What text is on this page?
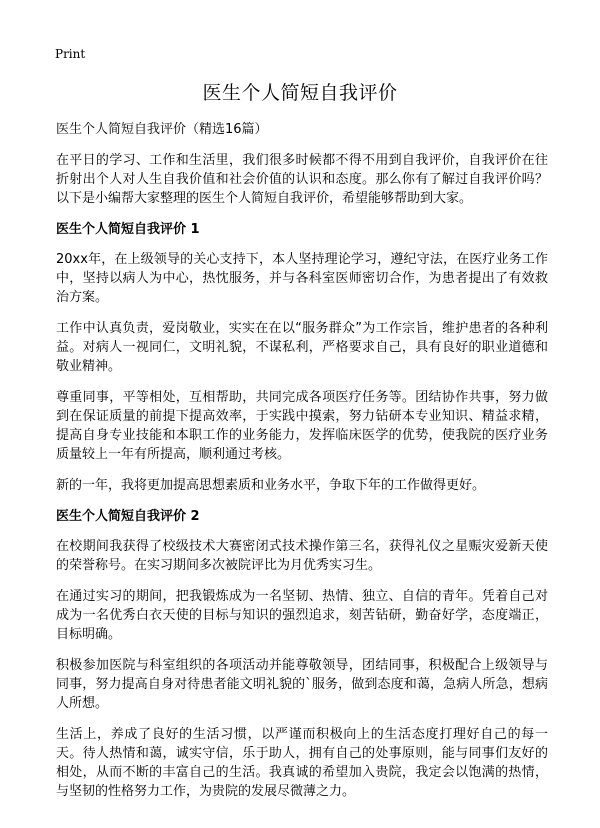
Print
医生个人简短自我评价
医生个人简短自我评价（精选16篇）

在平日的学习、工作和生活里，我们很多时候都不得不用到自我评价，自我评价在往折射出个人对人生自我价值和社会价值的认识和态度。那么你有了解过自我评价吗？以下是小编帮大家整理的医生个人简短自我评价，希望能够帮助到大家。

医生个人简短自我评价 1

20xx年，在上级领导的关心支持下，本人坚持理论学习，遵纪守法，在医疗业务工作中，坚持以病人为中心，热忱服务，并与各科室医师密切合作，为患者提出了有效救治方案。

工作中认真负责，爱岗敬业，实实在在以“服务群众”为工作宗旨，维护患者的各种利益。对病人一视同仁，文明礼貌，不谋私利，严格要求自己，具有良好的职业道德和敬业精神。

尊重同事，平等相处，互相帮助，共同完成各项医疗任务等。团结协作共事，努力做到在保证质量的前提下提高效率，于实践中摸索，努力钻研本专业知识、精益求精，提高自身专业技能和本职工作的业务能力，发挥临床医学的优势，使我院的医疗业务质量较上一年有所提高，顺利通过考核。

新的一年，我将更加提高思想素质和业务水平，争取下年的工作做得更好。

医生个人简短自我评价 2

在校期间我获得了校级技术大赛密闭式技术操作第三名，获得礼仪之星赈灾爱新天使的荣誉称号。在实习期间多次被院评比为月优秀实习生。

在通过实习的期间，把我锻炼成为一名坚韧、热情、独立、自信的青年。凭着自己对成为一名优秀白衣天使的目标与知识的强烈追求，刻苦钻研，勤奋好学，态度端正，目标明确。

积极参加医院与科室组织的各项活动并能尊敬领导，团结同事，积极配合上级领导与同事，努力提高自身对待患者能文明礼貌的`服务，做到态度和蔼，急病人所急，想病人所想。

生活上，养成了良好的生活习惯，以严谨而积极向上的生活态度打理好自己的每一天。待人热情和蔼，诚实守信，乐于助人，拥有自己的处事原则，能与同事们友好的相处，从而不断的丰富自己的生活。我真诚的希望加入贵院，我定会以饱满的热情，与坚韧的性格努力工作，为贵院的发展尽微薄之力。
